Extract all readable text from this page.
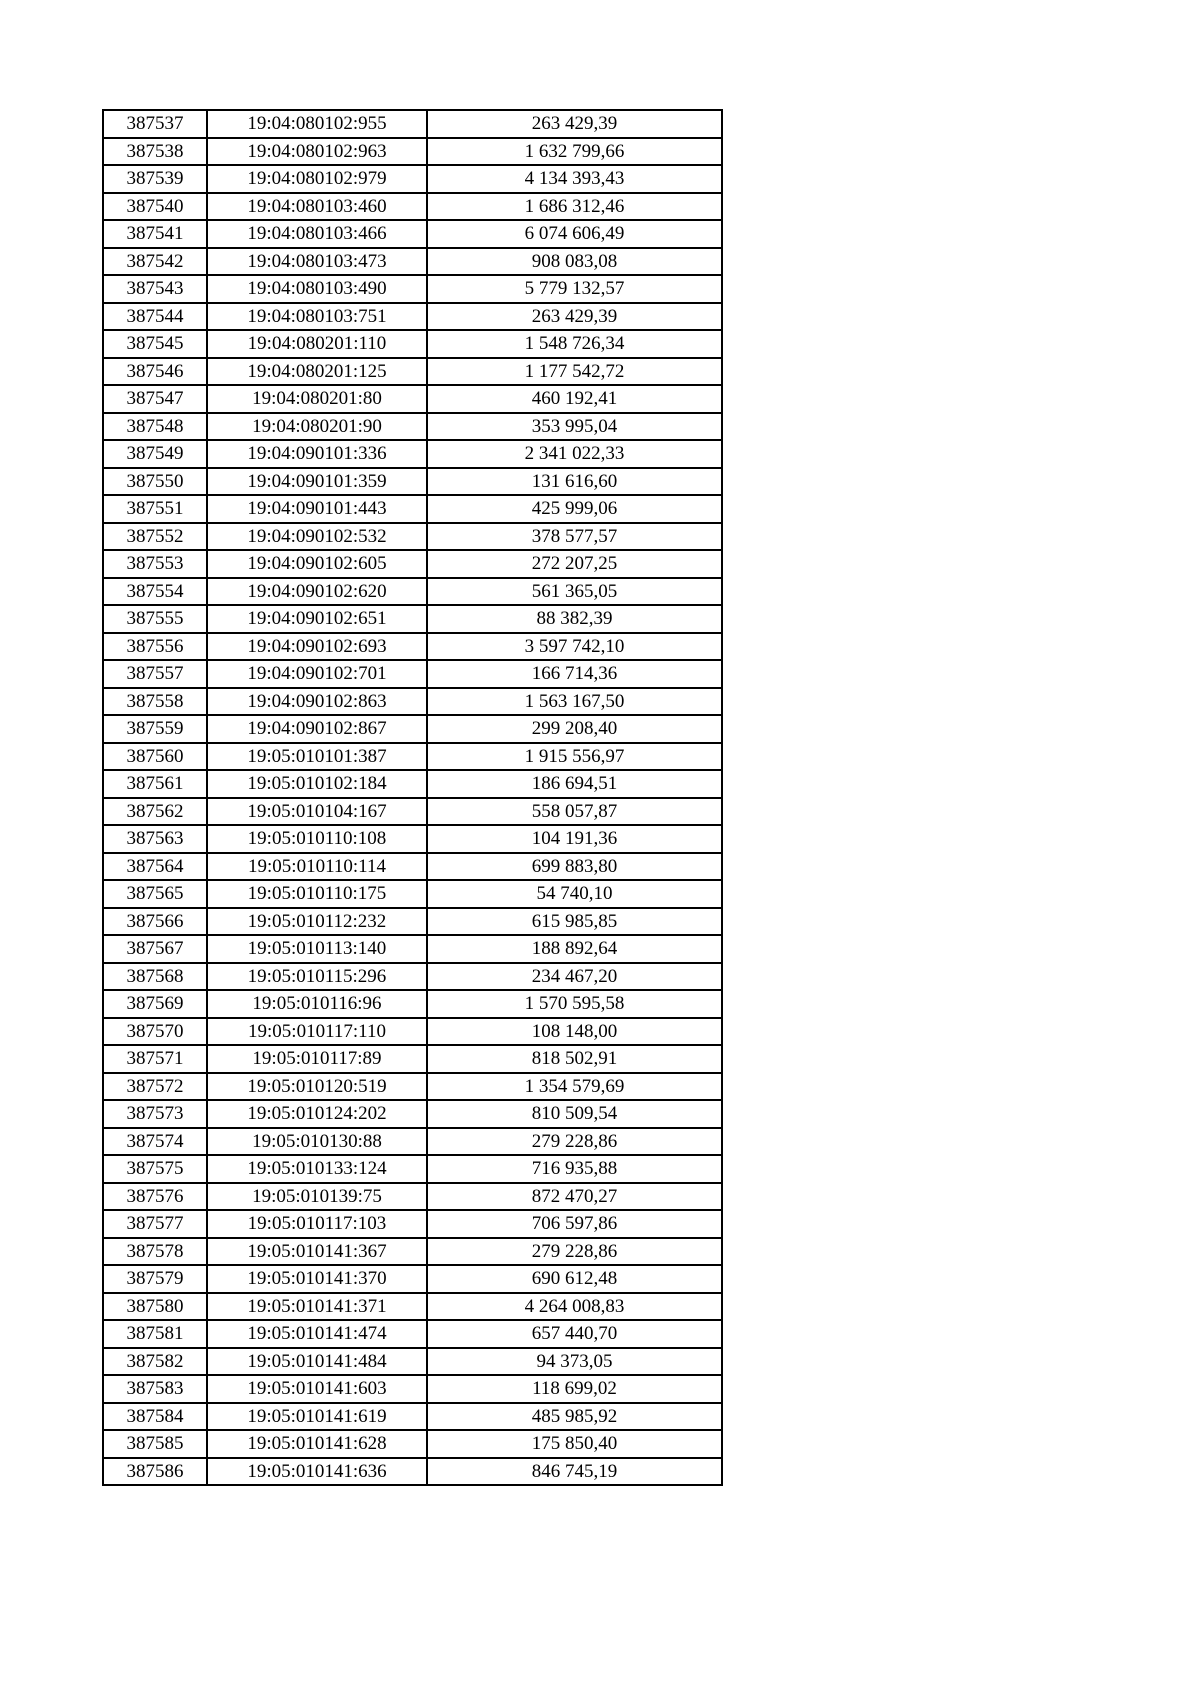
387537	19:04:080102:955	263 429,39
387538	19:04:080102:963	1 632 799,66
387539	19:04:080102:979	4 134 393,43
387540	19:04:080103:460	1 686 312,46
387541	19:04:080103:466	6 074 606,49
387542	19:04:080103:473	908 083,08
387543	19:04:080103:490	5 779 132,57
387544	19:04:080103:751	263 429,39
387545	19:04:080201:110	1 548 726,34
387546	19:04:080201:125	1 177 542,72
387547	19:04:080201:80	460 192,41
387548	19:04:080201:90	353 995,04
387549	19:04:090101:336	2 341 022,33
387550	19:04:090101:359	131 616,60
387551	19:04:090101:443	425 999,06
387552	19:04:090102:532	378 577,57
387553	19:04:090102:605	272 207,25
387554	19:04:090102:620	561 365,05
387555	19:04:090102:651	88 382,39
387556	19:04:090102:693	3 597 742,10
387557	19:04:090102:701	166 714,36
387558	19:04:090102:863	1 563 167,50
387559	19:04:090102:867	299 208,40
387560	19:05:010101:387	1 915 556,97
387561	19:05:010102:184	186 694,51
387562	19:05:010104:167	558 057,87
387563	19:05:010110:108	104 191,36
387564	19:05:010110:114	699 883,80
387565	19:05:010110:175	54 740,10
387566	19:05:010112:232	615 985,85
387567	19:05:010113:140	188 892,64
387568	19:05:010115:296	234 467,20
387569	19:05:010116:96	1 570 595,58
387570	19:05:010117:110	108 148,00
387571	19:05:010117:89	818 502,91
387572	19:05:010120:519	1 354 579,69
387573	19:05:010124:202	810 509,54
387574	19:05:010130:88	279 228,86
387575	19:05:010133:124	716 935,88
387576	19:05:010139:75	872 470,27
387577	19:05:010117:103	706 597,86
387578	19:05:010141:367	279 228,86
387579	19:05:010141:370	690 612,48
387580	19:05:010141:371	4 264 008,83
387581	19:05:010141:474	657 440,70
387582	19:05:010141:484	94 373,05
387583	19:05:010141:603	118 699,02
387584	19:05:010141:619	485 985,92
387585	19:05:010141:628	175 850,40
387586	19:05:010141:636	846 745,19
